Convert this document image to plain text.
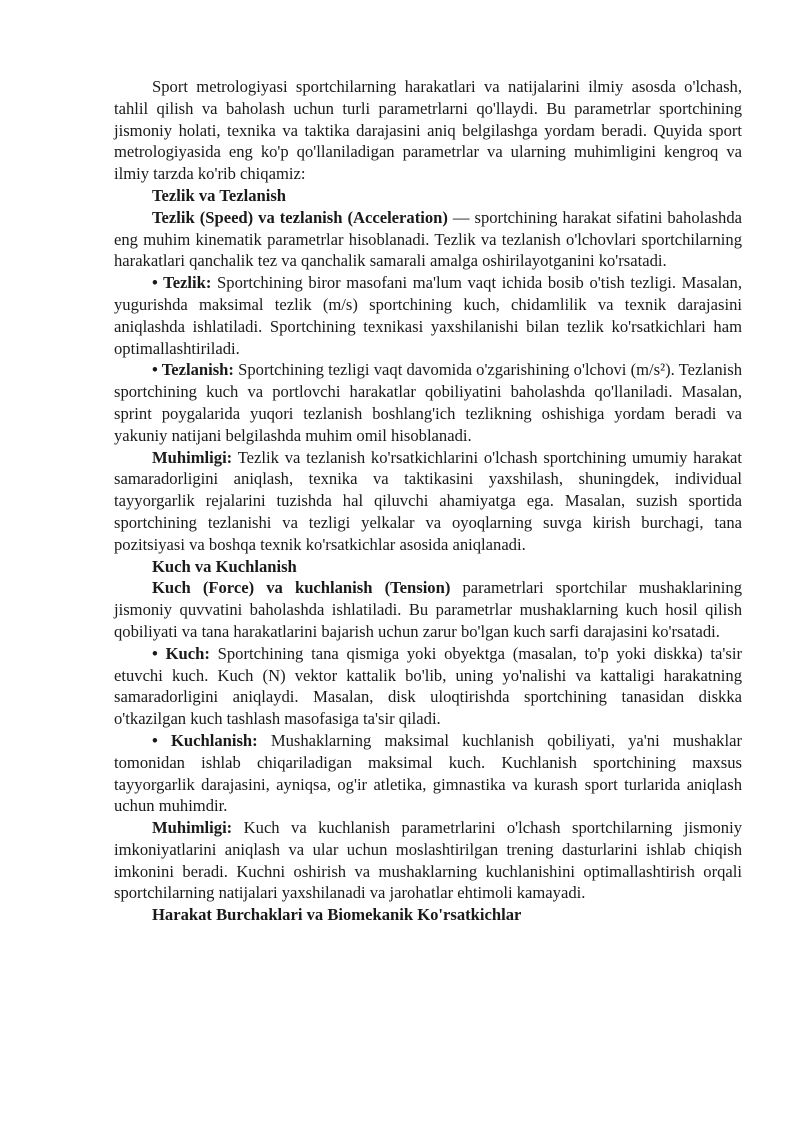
Sport metrologiyasi sportchilarning harakatlari va natijalarini ilmiy asosda o'lchash, tahlil qilish va baholash uchun turli parametrlarni qo'llaydi. Bu parametrlar sportchining jismoniy holati, texnika va taktika darajasini aniq belgilashga yordam beradi. Quyida sport metrologiyasida eng ko'p qo'llaniladigan parametrlar va ularning muhimligini kengroq va ilmiy tarzda ko'rib chiqamiz:

Tezlik va Tezlanish

Tezlik (Speed) va tezlanish (Acceleration) — sportchining harakat sifatini baholashda eng muhim kinematik parametrlar hisoblanadi. Tezlik va tezlanish o'lchovlari sportchilarning harakatlari qanchalik tez va qanchalik samarali amalga oshirilayotganini ko'rsatadi.

• Tezlik: Sportchining biror masofani ma'lum vaqt ichida bosib o'tish tezligi. Masalan, yugurishda maksimal tezlik (m/s) sportchining kuch, chidamlilik va texnik darajasini aniqlashda ishlatiladi. Sportchining texnikasi yaxshilanishi bilan tezlik ko'rsatkichlari ham optimallashtiriladi.

• Tezlanish: Sportchining tezligi vaqt davomida o'zgarishining o'lchovi (m/s²). Tezlanish sportchining kuch va portlovchi harakatlar qobiliyatini baholashda qo'llaniladi. Masalan, sprint poygalarida yuqori tezlanish boshlang'ich tezlikning oshishiga yordam beradi va yakuniy natijani belgilashda muhim omil hisoblanadi.

Muhimligi: Tezlik va tezlanish ko'rsatkichlarini o'lchash sportchining umumiy harakat samaradorligini aniqlash, texnika va taktikasini yaxshilash, shuningdek, individual tayyorgarlik rejalarini tuzishda hal qiluvchi ahamiyatga ega. Masalan, suzish sportida sportchining tezlanishi va tezligi yelkalar va oyoqlarning suvga kirish burchagi, tana pozitsiyasi va boshqa texnik ko'rsatkichlar asosida aniqlanadi.

Kuch va Kuchlanish

Kuch (Force) va kuchlanish (Tension) parametrlari sportchilar mushaklarining jismoniy quvvatini baholashda ishlatiladi. Bu parametrlar mushaklarning kuch hosil qilish qobiliyati va tana harakatlarini bajarish uchun zarur bo'lgan kuch sarfi darajasini ko'rsatadi.

• Kuch: Sportchining tana qismiga yoki obyektga (masalan, to'p yoki diskka) ta'sir etuvchi kuch. Kuch (N) vektor kattalik bo'lib, uning yo'nalishi va kattaligi harakatning samaradorligini aniqlaydi. Masalan, disk uloqtirishda sportchining tanasidan diskka o'tkazilgan kuch tashlash masofasiga ta'sir qiladi.

• Kuchlanish: Mushaklarning maksimal kuchlanish qobiliyati, ya'ni mushaklar tomonidan ishlab chiqariladigan maksimal kuch. Kuchlanish sportchining maxsus tayyorgarlik darajasini, ayniqsa, og'ir atletika, gimnastika va kurash sport turlarida aniqlash uchun muhimdir.

Muhimligi: Kuch va kuchlanish parametrlarini o'lchash sportchilarning jismoniy imkoniyatlarini aniqlash va ular uchun moslashtirilgan trening dasturlarini ishlab chiqish imkonini beradi. Kuchni oshirish va mushaklarning kuchlanishini optimallashtirish orqali sportchilarning natijalari yaxshilanadi va jarohatlar ehtimoli kamayadi.

Harakat Burchaklari va Biomekanik Ko'rsatkichlar
